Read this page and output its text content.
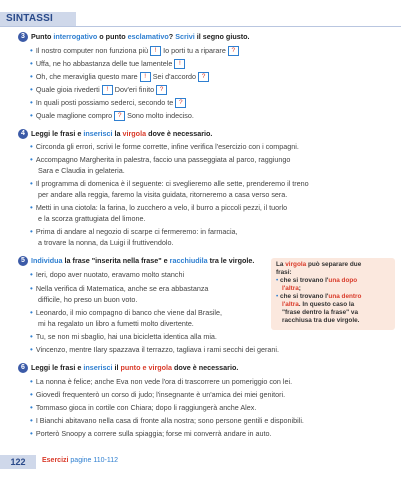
SINTASSI
3 Punto interrogativo o punto esclamativo? Scrivi il segno giusto.
• Il nostro computer non funziona più ! Io porti tu a riparare ?
• Uffa, ne ho abbastanza delle tue lamentele !
• Oh, che meraviglia questo mare ! Sei d'accordo ?
• Quale gioia rivederti ! Dov'eri finito ?
• In quali posti possiamo sederci, secondo te ?
• Quale maglione compro ? Sono molto indeciso.
4 Leggi le frasi e inserisci la virgola dove è necessario.
• Circonda gli errori, scrivi le forme corrette, infine verifica l'esercizio con i compagni.
• Accompagno Margherita in palestra, faccio una passeggiata al parco, raggiungo
Sara e Claudia in gelateria.
• Il programma di domenica è il seguente: ci sveglieremo alle sette, prenderemo il treno
per andare alla reggia, faremo la visita guidata, ritorneremo a casa verso sera.
• Metti in una ciotola: la farina, lo zucchero a velo, il burro a piccoli pezzi, il tuorlo
e la scorza grattugiata del limone.
• Prima di andare al negozio di scarpe ci fermeremo: in farmacia,
a trovare la nonna, da Luigi il fruttivendolo.
5 Individua la frase "inserita nella frase" e racchiudila tra le virgole.
• Ieri, dopo aver nuotato, eravamo molto stanchi
• Nella verifica di Matematica, anche se era abbastanza
difficile, ho preso un buon voto.
• Leonardo, il mio compagno di banco che viene dal Brasile,
mi ha regalato un libro a fumetti molto divertente.
• Tu, se non mi sbaglio, hai una bicicletta identica alla mia.
• Vincenzo, mentre Ilary spazzava il terrazzo, tagliava i rami secchi dei gerani.
La virgola può separare due
frasi:
• che si trovano l'una dopo
l'altra;
• che si trovano l'una dentro
l'altra. In questo caso la
"frase dentro la frase" va
racchiusa tra due virgole.
6 Leggi le frasi e inserisci il punto e virgola dove è necessario.
• La nonna è felice; anche Eva non vede l'ora di trascorrere un pomeriggio con lei.
• Giovedì frequenterò un corso di judo; l'insegnante è un'amica dei miei genitori.
• Tommaso gioca in cortile con Chiara; dopo li raggiungerà anche Alex.
• I Bianchi abitavano nella casa di fronte alla nostra; sono persone gentili e disponibili.
• Porterò Snoopy a correre sulla spiaggia; forse mi converrà andare in auto.
122	Esercizi pagine 110-112
